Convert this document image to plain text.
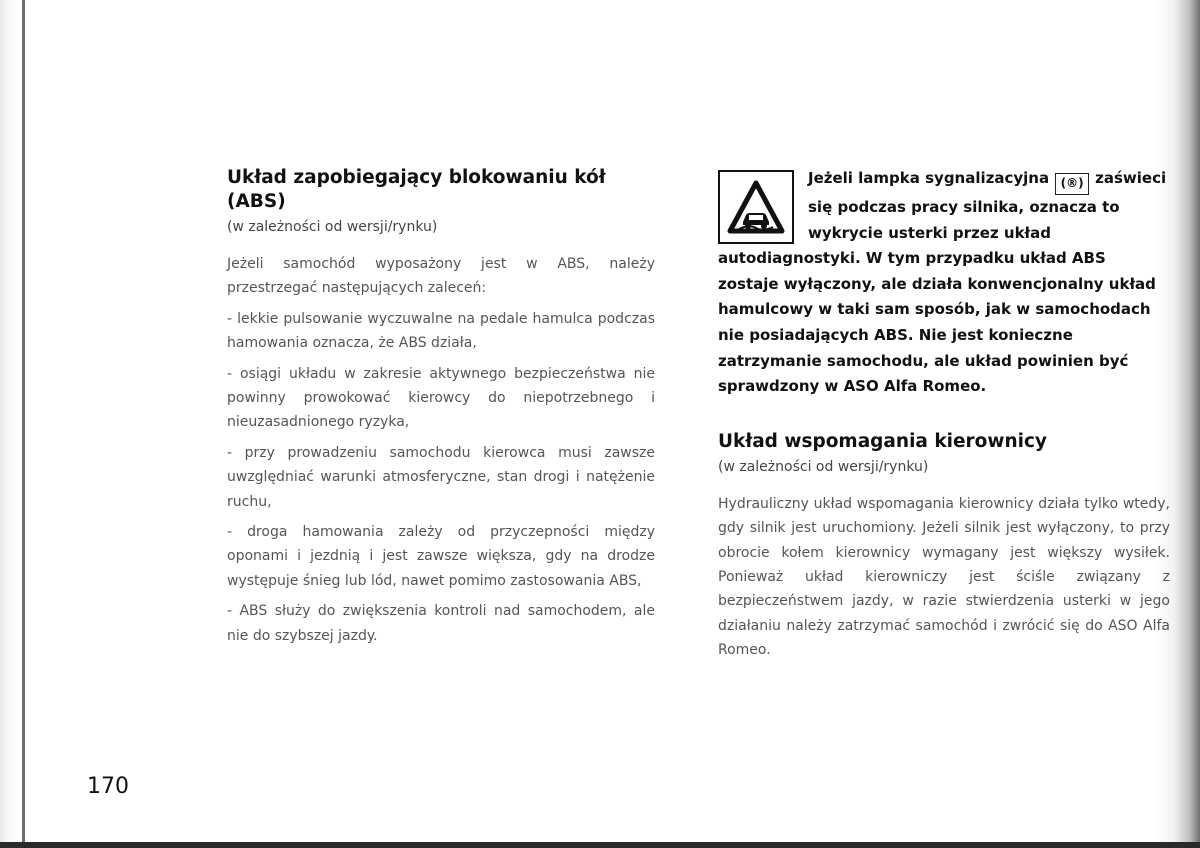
Układ zapobiegający blokowaniu kół (ABS)
(w zależności od wersji/rynku)

Jeżeli samochód wyposażony jest w ABS, należy przestrzegać następujących zaleceń:

- lekkie pulsowanie wyczuwalne na pedale hamulca podczas hamowania oznacza, że ABS działa,

- osiągi układu w zakresie aktywnego bezpieczeństwa nie powinny prowokować kierowcy do niepotrzebnego i nieuzasadnionego ryzyka,

- przy prowadzeniu samochodu kierowca musi zawsze uwzględniać warunki atmosferyczne, stan drogi i natężenie ruchu,

- droga hamowania zależy od przyczepności między oponami i jezdnią i jest zawsze większa, gdy na drodze występuje śnieg lub lód, nawet pomimo zastosowania ABS,

- ABS służy do zwiększenia kontroli nad samochodem, ale nie do szybszej jazdy.

Jeżeli lampka sygnalizacyjna (®) zaświeci się podczas pracy silnika, oznacza to wykrycie usterki przez układ autodiagnostyki. W tym przypadku układ ABS zostaje wyłączony, ale działa konwencjonalny układ hamulcowy w taki sam sposób, jak w samochodach nie posiadających ABS. Nie jest konieczne zatrzymanie samochodu, ale układ powinien być sprawdzony w ASO Alfa Romeo.

Układ wspomagania kierownicy
(w zależności od wersji/rynku)

Hydrauliczny układ wspomagania kierownicy działa tylko wtedy, gdy silnik jest uruchomiony. Jeżeli silnik jest wyłączony, to przy obrocie kołem kierownicy wymagany jest większy wysiłek. Ponieważ układ kierowniczy jest ściśle związany z bezpieczeństwem jazdy, w razie stwierdzenia usterki w jego działaniu należy zatrzymać samochód i zwrócić się do ASO Alfa Romeo.

170
